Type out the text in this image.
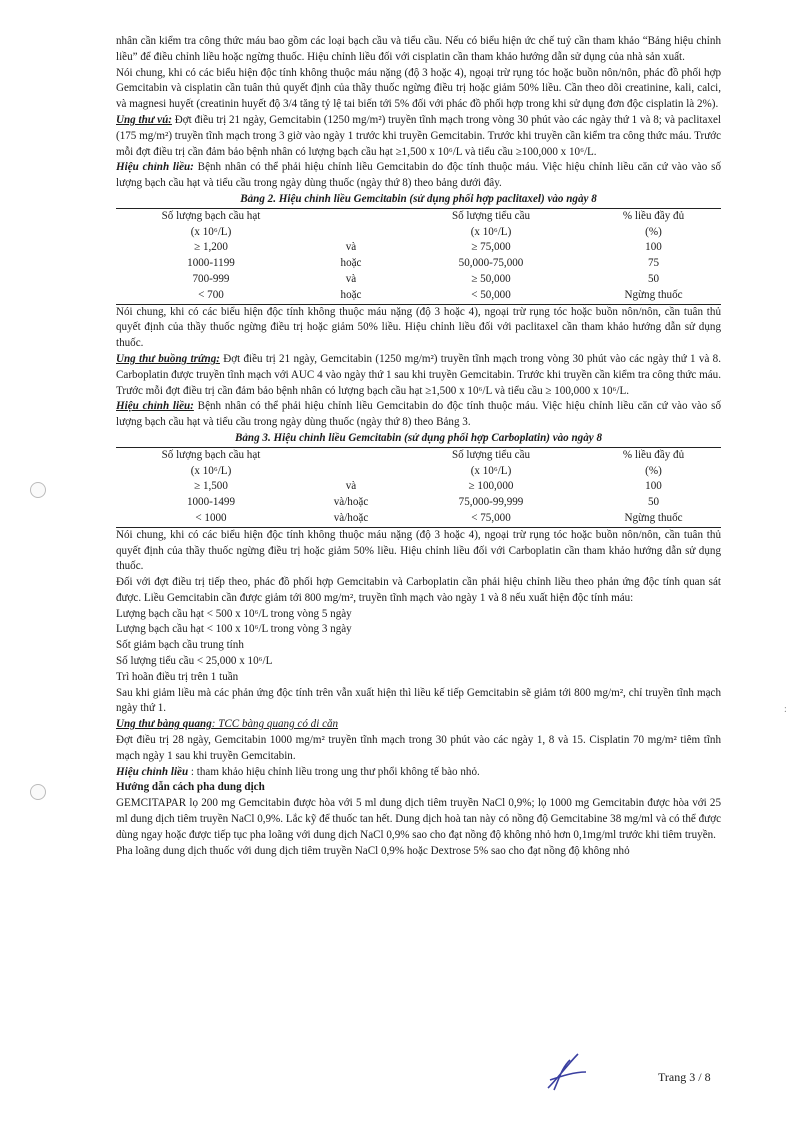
:

nhân cần kiểm tra công thức máu bao gồm các loại bạch cầu và tiểu cầu. Nếu có biểu hiện ức chế tuỷ cần tham khảo “Bảng hiệu chỉnh liều” để điều chỉnh liều hoặc ngừng thuốc. Hiệu chỉnh liều đối với cisplatin cần tham khảo hướng dẫn sử dụng của nhà sản xuất.

Nói chung, khi có các biểu hiện độc tính không thuộc máu nặng (độ 3 hoặc 4), ngoại trừ rụng tóc hoặc buồn nôn/nôn, phác đồ phối hợp Gemcitabin và cisplatin cần tuân thủ quyết định của thầy thuốc ngừng điều trị hoặc giảm 50% liều. Cần theo dõi creatinine, kali, calci, và magnesi huyết (creatinin huyết độ 3/4 tăng tỷ lệ tai biến tới 5% đối với phác đồ phối hợp trong khi sử dụng đơn độc cisplatin là 2%).

Ung thư vú: Đợt điều trị 21 ngày, Gemcitabin (1250 mg/m²) truyền tĩnh mạch trong vòng 30 phút vào các ngày thứ 1 và 8; và paclitaxel (175 mg/m²) truyền tĩnh mạch trong 3 giờ vào ngày 1 trước khi truyền Gemcitabin. Trước khi truyền cần kiểm tra công thức máu. Trước mỗi đợt điều trị cần đảm bảo bệnh nhân có lượng bạch cầu hạt ≥1,500 x 10⁶/L và tiểu cầu ≥100,000 x 10⁶/L.

Hiệu chỉnh liều: Bệnh nhân có thể phải hiệu chỉnh liều Gemcitabin do độc tính thuộc máu. Việc hiệu chỉnh liều căn cứ vào vào số lượng bạch cầu hạt và tiểu cầu trong ngày dùng thuốc (ngày thứ 8) theo bảng dưới đây.

Bảng 2. Hiệu chỉnh liều Gemcitabin (sử dụng phối hợp paclitaxel) vào ngày 8
Số lượng bạch cầu hạt		Số lượng tiểu cầu	% liều đầy đủ
(x 10⁶/L)		(x 10⁶/L)	(%)
≥ 1,200	và	≥ 75,000	100
1000-1199	hoặc	50,000-75,000	75
700-999	và	≥ 50,000	50
< 700	hoặc	< 50,000	Ngừng thuốc

Nói chung, khi có các biểu hiện độc tính không thuộc máu nặng (độ 3 hoặc 4), ngoại trừ rụng tóc hoặc buồn nôn/nôn, cần tuân thủ quyết định của thầy thuốc ngừng điều trị hoặc giảm 50% liều. Hiệu chỉnh liều đối với paclitaxel cần tham khảo hướng dẫn sử dụng thuốc.

Ung thư buồng trứng: Đợt điều trị 21 ngày, Gemcitabin (1250 mg/m²) truyền tĩnh mạch trong vòng 30 phút vào các ngày thứ 1 và 8. Carboplatin được truyền tĩnh mạch với AUC 4 vào ngày thứ 1 sau khi truyền Gemcitabin. Trước khi truyền cần kiểm tra công thức máu. Trước mỗi đợt điều trị cần đảm bảo bệnh nhân có lượng bạch cầu hạt ≥1,500 x 10⁶/L và tiểu cầu ≥ 100,000 x 10⁶/L.

Hiệu chỉnh liều: Bệnh nhân có thể phải hiệu chỉnh liều Gemcitabin do độc tính thuộc máu. Việc hiệu chỉnh liều căn cứ vào vào số lượng bạch cầu hạt và tiểu cầu trong ngày dùng thuốc (ngày thứ 8) theo Bảng 3.

Bảng 3. Hiệu chỉnh liều Gemcitabin (sử dụng phối hợp Carboplatin) vào ngày 8
Số lượng bạch cầu hạt		Số lượng tiểu cầu	% liều đầy đủ
(x 10⁶/L)		(x 10⁶/L)	(%)
≥ 1,500	và	≥ 100,000	100
1000-1499	và/hoặc	75,000-99,999	50
< 1000	và/hoặc	< 75,000	Ngừng thuốc

Nói chung, khi có các biểu hiện độc tính không thuộc máu nặng (độ 3 hoặc 4), ngoại trừ rụng tóc hoặc buồn nôn/nôn, cần tuân thủ quyết định của thầy thuốc ngừng điều trị hoặc giảm 50% liều. Hiệu chỉnh liều đối với Carboplatin cần tham khảo hướng dẫn sử dụng thuốc.

Đối với đợt điều trị tiếp theo, phác đồ phối hợp Gemcitabin và Carboplatin cần phải hiệu chỉnh liều theo phản ứng độc tính quan sát được. Liều Gemcitabin cần được giảm tới 800 mg/m², truyền tĩnh mạch vào ngày 1 và 8 nếu xuất hiện độc tính máu:

Lượng bạch cầu hạt < 500 x 10⁶/L trong vòng 5 ngày

Lượng bạch cầu hạt < 100 x 10⁶/L trong vòng 3 ngày

Sốt giảm bạch cầu trung tính

Số lượng tiểu cầu < 25,000 x 10⁶/L

Trì hoãn điều trị trên 1 tuần

Sau khi giảm liều mà các phản ứng độc tính trên vẫn xuất hiện thì liều kế tiếp Gemcitabin sẽ giảm tới 800 mg/m², chỉ truyền tĩnh mạch ngày thứ 1.

Ung thư bàng quang: TCC bàng quang có di căn

Đợt điều trị 28 ngày, Gemcitabin 1000 mg/m² truyền tĩnh mạch trong 30 phút vào các ngày 1, 8 và 15. Cisplatin 70 mg/m² tiêm tĩnh mạch ngày 1 sau khi truyền Gemcitabin.

Hiệu chỉnh liều : tham khảo hiệu chỉnh liều trong ung thư phổi không tế bào nhỏ.

Hướng dẫn cách pha dung dịch

GEMCITAPAR lọ 200 mg Gemcitabin được hòa với 5 ml dung dịch tiêm truyền NaCl 0,9%; lọ 1000 mg Gemcitabin được hòa với 25 ml dung dịch tiêm truyền NaCl 0,9%. Lắc kỹ để thuốc tan hết. Dung dịch hoà tan này có nồng độ Gemcitabine 38 mg/ml và có thể được dùng ngay hoặc được tiếp tục pha loãng với dung dịch NaCl 0,9% sao cho đạt nồng độ không nhỏ hơn 0,1mg/ml trước khi tiêm truyền.

Pha loãng dung dịch thuốc với dung dịch tiêm truyền NaCl 0,9% hoặc Dextrose 5% sao cho đạt nồng độ không nhỏ

Trang 3 / 8
